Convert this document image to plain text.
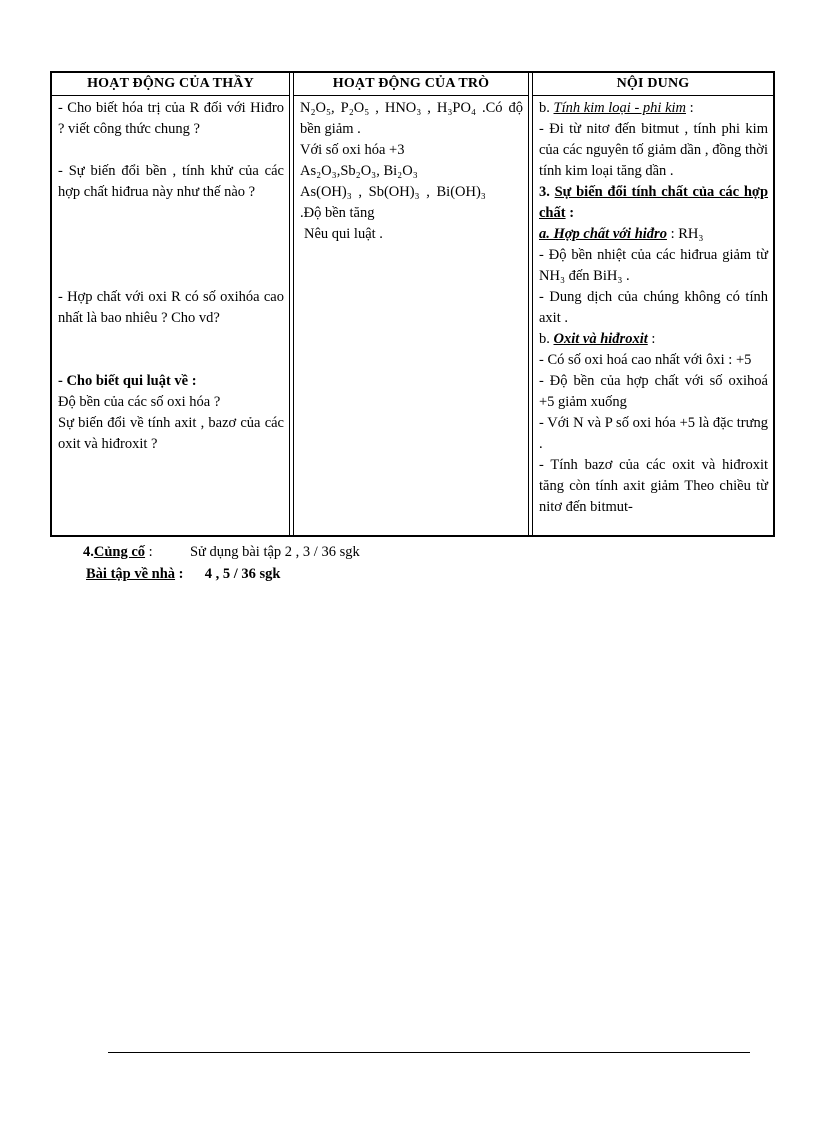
HOẠT ĐỘNG CỦA THẦY

- Cho biết hóa trị của R đối với Hiđro ? viết công thức chung ?

- Sự biến đổi bền , tính khử của các hợp chất hiđrua này như thế nào ?

- Hợp chất với oxi R có số oxihóa cao nhất là bao nhiêu ? Cho vd?

- Cho biết qui luật về :

Độ bền của các số oxi hóa ?

Sự biến đổi về tính axit , bazơ của các oxit và hiđroxit ?

HOẠT ĐỘNG CỦA TRÒ

N₂O₅, P₂O₅ , HNO₃ , H₃PO₄ .Có độ bền giảm .

Với số oxi hóa +3

As₂O₃,Sb₂O₃, Bi₂O₃

As(OH)₃ , Sb(OH)₃ , Bi(OH)₃

.Độ bền tăng

Nêu qui luật .

NỘI DUNG

b. Tính kim loại - phi kim :

- Đi từ nitơ đến bitmut , tính phi kim của các nguyên tố giảm dần , đồng thời tính kim loại tăng dần .

3. Sự biến đổi tính chất của các hợp chất :

a. Hợp chất với hiđro : RH₃

- Độ bền nhiệt của các hiđrua giảm từ NH₃ đến BiH₃ .

- Dung dịch của chúng không có tính axit .

b. Oxit và hiđroxit :

- Có số oxi hoá cao nhất với ôxi : +5

- Độ bền của hợp chất với số oxihoá +5 giảm xuống

- Với N và P số oxi hóa +5 là đặc trưng .

- Tính bazơ của các oxit và hiđroxit tăng còn tính axit giảm Theo chiều từ nitơ đến bitmut-

4.Củng cố :	Sử dụng bài tập 2 , 3 / 36 sgk
Bài tập về nhà : 4 , 5 / 36 sgk
